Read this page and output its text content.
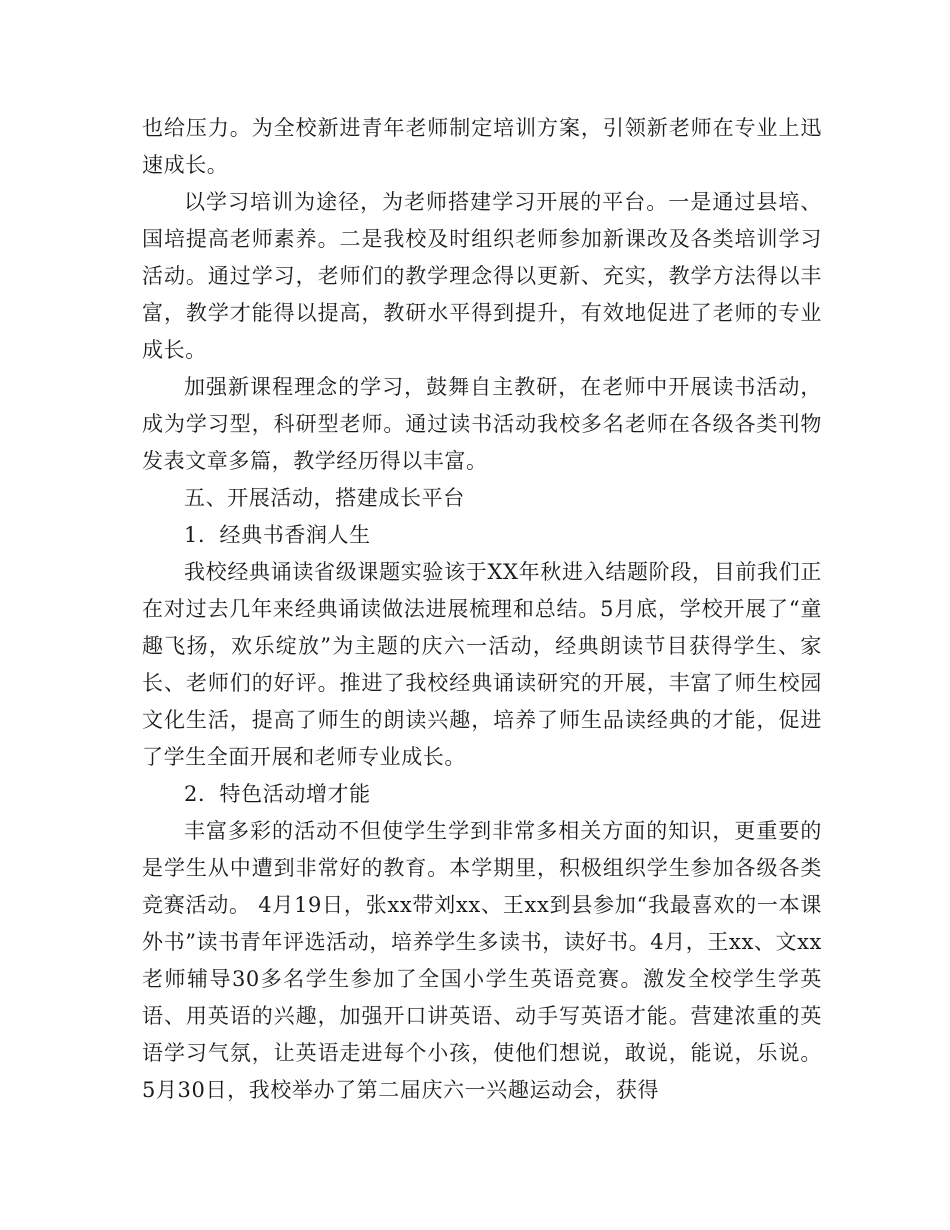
也给压力。为全校新进青年老师制定培训方案，引领新老师在专业上迅速成长。

以学习培训为途径，为老师搭建学习开展的平台。一是通过县培、国培提高老师素养。二是我校及时组织老师参加新课改及各类培训学习活动。通过学习，老师们的教学理念得以更新、充实，教学方法得以丰富，教学才能得以提高，教研水平得到提升，有效地促进了老师的专业成长。

加强新课程理念的学习，鼓舞自主教研，在老师中开展读书活动，成为学习型，科研型老师。通过读书活动我校多名老师在各级各类刊物发表文章多篇，教学经历得以丰富。

五、开展活动，搭建成长平台

1．经典书香润人生

我校经典诵读省级课题实验该于XX年秋进入结题阶段，目前我们正在对过去几年来经典诵读做法进展梳理和总结。5月底，学校开展了“童趣飞扬，欢乐绽放”为主题的庆六一活动，经典朗读节目获得学生、家长、老师们的好评。推进了我校经典诵读研究的开展，丰富了师生校园文化生活，提高了师生的朗读兴趣，培养了师生品读经典的才能，促进了学生全面开展和老师专业成长。

2．特色活动增才能

丰富多彩的活动不但使学生学到非常多相关方面的知识，更重要的是学生从中遭到非常好的教育。本学期里，积极组织学生参加各级各类竞赛活动。 4月19日，张xx带刘xx、王xx到县参加“我最喜欢的一本课外书”读书青年评选活动，培养学生多读书，读好书。4月，王xx、文xx老师辅导30多名学生参加了全国小学生英语竞赛。激发全校学生学英语、用英语的兴趣，加强开口讲英语、动手写英语才能。营建浓重的英语学习气氛，让英语走进每个小孩，使他们想说，敢说，能说，乐说。5月30日，我校举办了第二届庆六一兴趣运动会，获得
